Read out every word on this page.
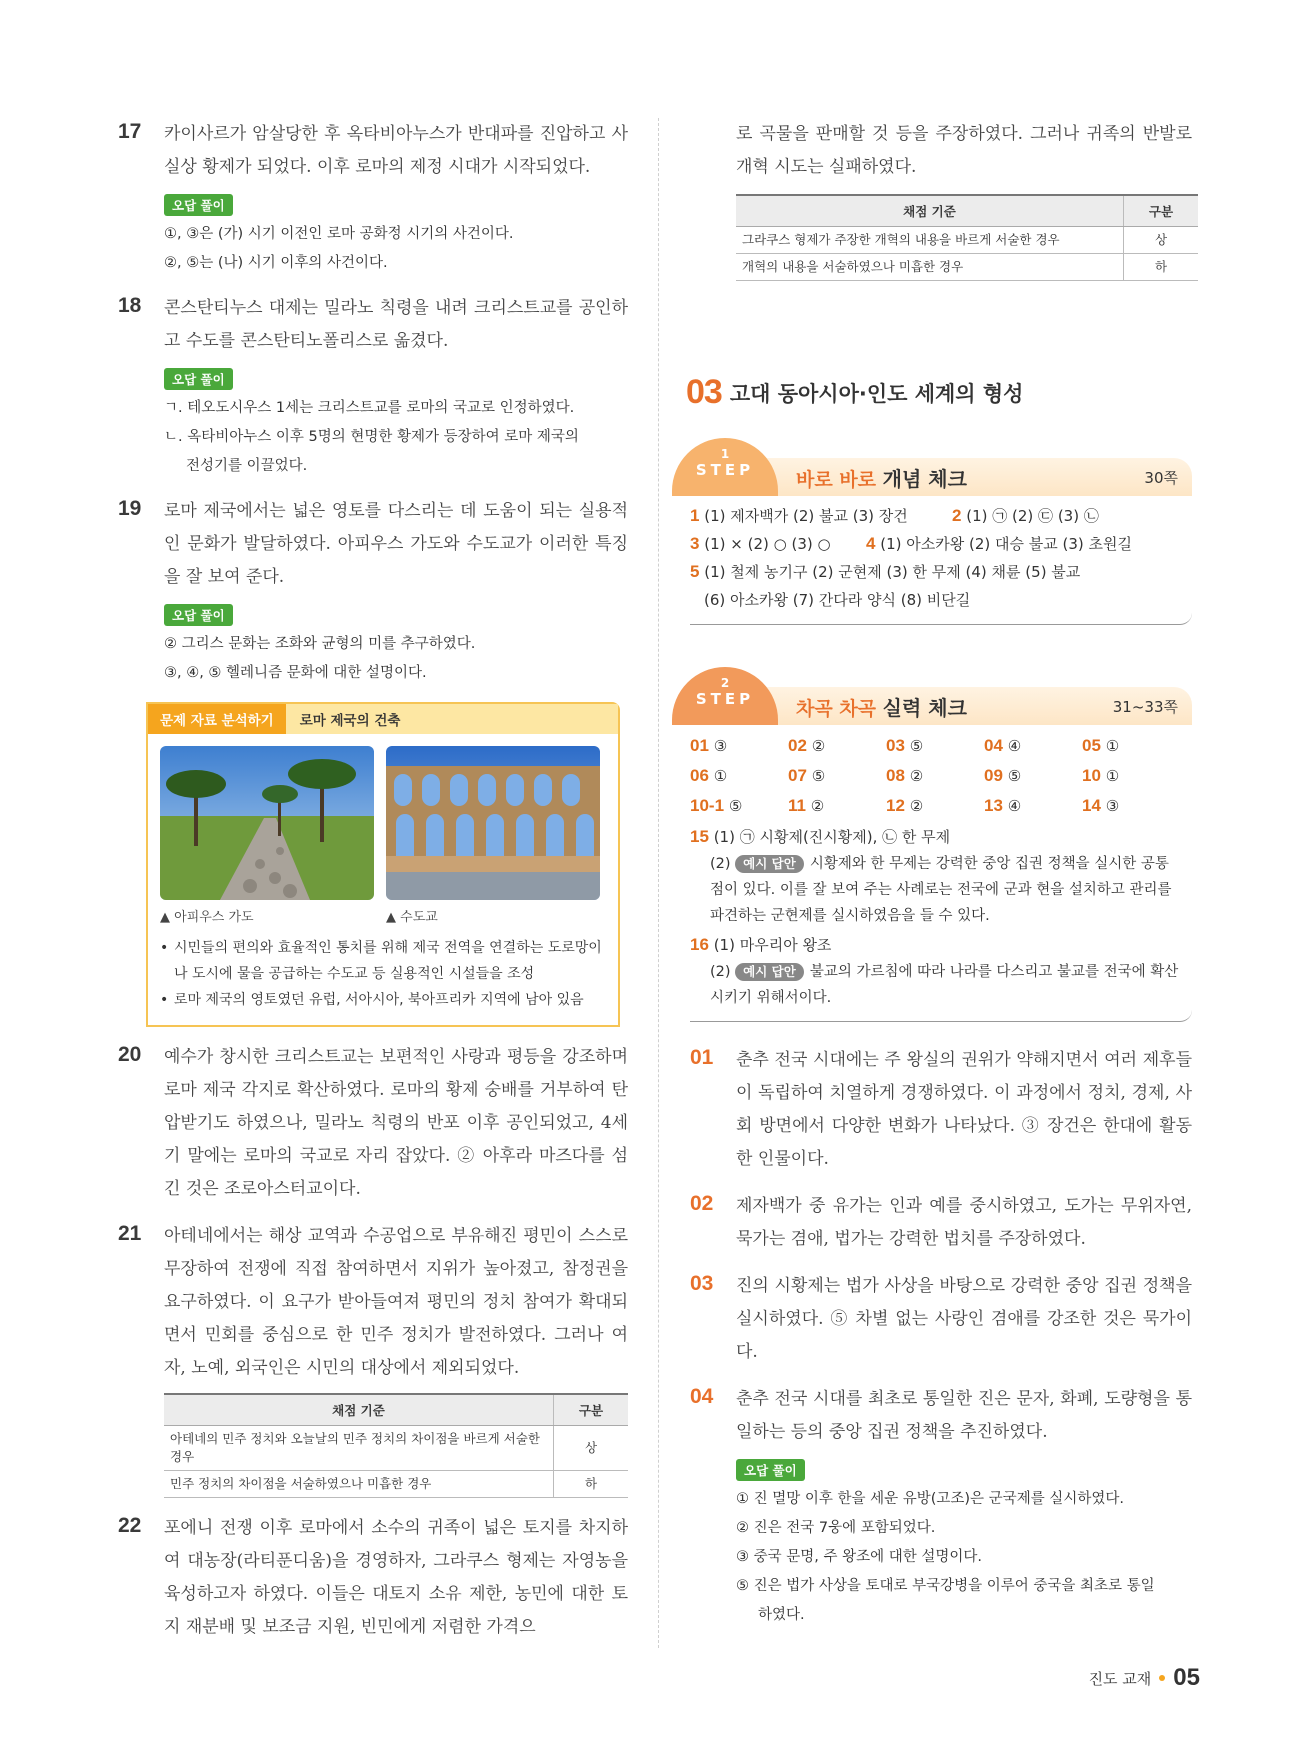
17 카이사르가 암살당한 후 옥타비아누스가 반대파를 진압하고 사실상 황제가 되었다. 이후 로마의 제정 시대가 시작되었다.

오답 풀이
①, ③은 (가) 시기 이전인 로마 공화정 시기의 사건이다.
②, ⑤는 (나) 시기 이후의 사건이다.
18 콘스탄티누스 대제는 밀라노 칙령을 내려 크리스트교를 공인하고 수도를 콘스탄티노폴리스로 옮겼다.

오답 풀이
ㄱ. 테오도시우스 1세는 크리스트교를 로마의 국교로 인정하였다.
ㄴ. 옥타비아누스 이후 5명의 현명한 황제가 등장하여 로마 제국의
전성기를 이끌었다.
19 로마 제국에서는 넓은 영토를 다스리는 데 도움이 되는 실용적인 문화가 발달하였다. 아피우스 가도와 수도교가 이러한 특징을 잘 보여 준다.

오답 풀이
② 그리스 문화는 조화와 균형의 미를 추구하였다.
③, ④, ⑤ 헬레니즘 문화에 대한 설명이다.
문제 자료 분석하기	로마 제국의 건축
▲ 아피우스 가도	▲ 수도교
• 시민들의 편의와 효율적인 통치를 위해 제국 전역을 연결하는 도로망이나 도시에 물을 공급하는 수도교 등 실용적인 시설들을 조성
• 로마 제국의 영토였던 유럽, 서아시아, 북아프리카 지역에 남아 있음
20 예수가 창시한 크리스트교는 보편적인 사랑과 평등을 강조하며 로마 제국 각지로 확산하였다. 로마의 황제 숭배를 거부하여 탄압받기도 하였으나, 밀라노 칙령의 반포 이후 공인되었고, 4세기 말에는 로마의 국교로 자리 잡았다. ② 아후라 마즈다를 섬긴 것은 조로아스터교이다.

21 아테네에서는 해상 교역과 수공업으로 부유해진 평민이 스스로 무장하여 전쟁에 직접 참여하면서 지위가 높아졌고, 참정권을 요구하였다. 이 요구가 받아들여져 평민의 정치 참여가 확대되면서 민회를 중심으로 한 민주 정치가 발전하였다. 그러나 여자, 노예, 외국인은 시민의 대상에서 제외되었다.

채점 기준	구분
아테네의 민주 정치와 오늘날의 민주 정치의 차이점을 바르게 서술한 경우	상
민주 정치의 차이점을 서술하였으나 미흡한 경우	하
22 포에니 전쟁 이후 로마에서 소수의 귀족이 넓은 토지를 차지하여 대농장(라티푼디움)을 경영하자, 그라쿠스 형제는 자영농을 육성하고자 하였다. 이들은 대토지 소유 제한, 농민에 대한 토지 재분배 및 보조금 지원, 빈민에게 저렴한 가격으

로 곡물을 판매할 것 등을 주장하였다. 그러나 귀족의 반발로 개혁 시도는 실패하였다.

채점 기준	구분
그라쿠스 형제가 주장한 개혁의 내용을 바르게 서술한 경우	상
개혁의 내용을 서술하였으나 미흡한 경우	하
03 고대 동아시아·인도 세계의 형성
1
STEP	바로 바로 개념 체크	30쪽
1 (1) 제자백가 (2) 불교 (3) 장건	2 (1) ㉠ (2) ㉢ (3) ㉡
3 (1) × (2) ○ (3) ○	4 (1) 아소카왕 (2) 대승 불교 (3) 초원길
5 (1) 철제 농기구 (2) 군현제 (3) 한 무제 (4) 채륜 (5) 불교
(6) 아소카왕 (7) 간다라 양식 (8) 비단길
2
STEP	차곡 차곡 실력 체크	31~33쪽
01 ③	02 ②	03 ⑤	04 ④	05 ①
06 ①	07 ⑤	08 ②	09 ⑤	10 ①
10-1 ⑤	11 ②	12 ②	13 ④	14 ③
15 (1) ㉠ 시황제(진시황제), ㉡ 한 무제
(2) 예시 답안 시황제와 한 무제는 강력한 중앙 집권 정책을 실시한 공통점이 있다. 이를 잘 보여 주는 사례로는 전국에 군과 현을 설치하고 관리를 파견하는 군현제를 실시하였음을 들 수 있다.
16 (1) 마우리아 왕조
(2) 예시 답안 불교의 가르침에 따라 나라를 다스리고 불교를 전국에 확산시키기 위해서이다.
01 춘추 전국 시대에는 주 왕실의 권위가 약해지면서 여러 제후들이 독립하여 치열하게 경쟁하였다. 이 과정에서 정치, 경제, 사회 방면에서 다양한 변화가 나타났다. ③ 장건은 한대에 활동한 인물이다.

02 제자백가 중 유가는 인과 예를 중시하였고, 도가는 무위자연, 묵가는 겸애, 법가는 강력한 법치를 주장하였다.

03 진의 시황제는 법가 사상을 바탕으로 강력한 중앙 집권 정책을 실시하였다. ⑤ 차별 없는 사랑인 겸애를 강조한 것은 묵가이다.

04 춘추 전국 시대를 최초로 통일한 진은 문자, 화폐, 도량형을 통일하는 등의 중앙 집권 정책을 추진하였다.

오답 풀이
① 진 멸망 이후 한을 세운 유방(고조)은 군국제를 실시하였다.
② 진은 전국 7웅에 포함되었다.
③ 중국 문명, 주 왕조에 대한 설명이다.
⑤ 진은 법가 사상을 토대로 부국강병을 이루어 중국을 최초로 통일
하였다.
진도 교재 05
